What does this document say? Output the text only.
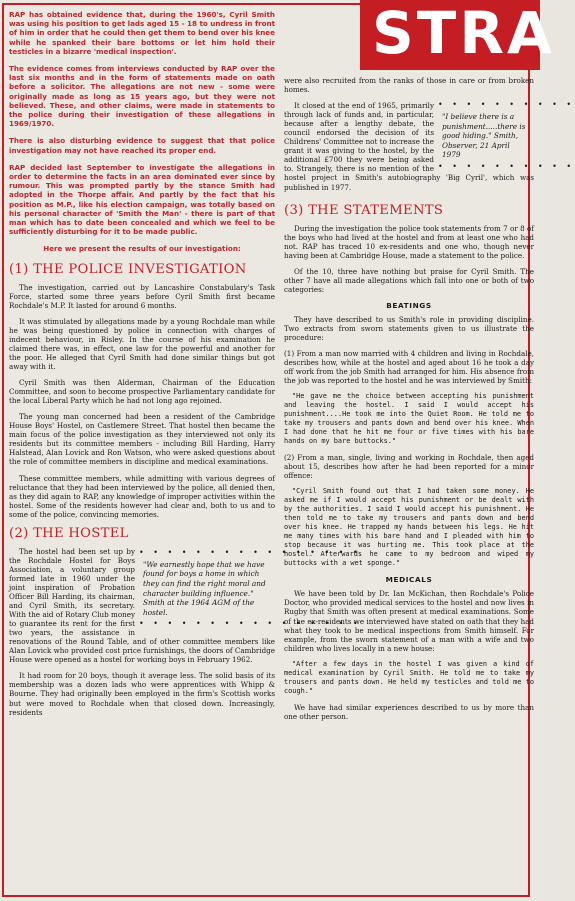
STRA

RAP has obtained evidence that, during the 1960's, Cyril Smith was using his position to get lads aged 15 - 18 to undress in front of him in order that he could then get them to bend over his knee while he spanked their bare bottoms or let him hold their testicles in a bizarre 'medical inspection'.

The evidence comes from interviews conducted by RAP over the last six months and in the form of statements made on oath before a solicitor. The allegations are not new - some were originally made as long as 15 years ago, but they were not believed. These, and other claims, were made in statements to the police during their investigation of these allegations in 1969/1970.

There is also disturbing evidence to suggest that that police investigation may not have reached its proper end.

RAP decided last September to investigate the allegations in order to determine the facts in an area dominated ever since by rumour. This was prompted partly by the stance Smith had adopted in the Thorpe affair. And partly by the fact that his position as M.P., like his election campaign, was totally based on his personal character of 'Smith the Man' - there is part of that man which has to date been concealed and which we feel to be sufficiently disturbing for it to be made public.

Here we present the results of our investigation:

(1) THE POLICE INVESTIGATION

The investigation, carried out by Lancashire Constabulary's Task Force, started some three years before Cyril Smith first became Rochdale's M.P. It lasted for around 6 months.

It was stimulated by allegations made by a young Rochdale man while he was being questioned by police in connection with charges of indecent behaviour, in Risley. In the course of his examination he claimed there was, in effect, one law for the powerful and another for the poor. He alleged that Cyril Smith had done similar things but got away with it.

Cyril Smith was then Alderman, Chairman of the Education Committee, and soon to become prospective Parliamentary candidate for the local Liberal Party which he had not long ago rejoined.

The young man concerned had been a resident of the Cambridge House Boys' Hostel, on Castlemere Street. That hostel then became the main focus of the police investigation as they interviewed not only its residents but its committee members - including Bill Harding, Harry Halstead, Alan Lovick and Ron Watson, who were asked questions about the role of committee members in discipline and medical examinations.

These committee members, while admitting with various degrees of reluctance that they had been interviewed by the police, all denied then, as they did again to RAP, any knowledge of improper activities within the hostel. Some of the residents however had clear and, both to us and to some of the police, convincing memories.

(2) THE HOSTEL
• • • • • • • • • • • • • • • •
"We earnestly hope that we have found for boys a home in which they can find the right moral and character building influence." Smith at the 1964 AGM of the hostel.
• • • • • • • • • • • • • • • •

The hostel had been set up by the Rochdale Hostel for Boys Association, a voluntary group formed late in 1960 under the joint inspiration of Probation Officer Bill Harding, its chairman, and Cyril Smith, its secretary. With the aid of Rotary Club money to guarantee its rent for the first two years, the assistance in renovations of the Round Table, and of other committee members like Alan Lovick who provided cost price furnishings, the doors of Cambridge House were opened as a hostel for working boys in February 1962.

It had room for 20 boys, though it average less. The solid basis of its membership was a dozen lads who were apprentices with Whipp & Bourne. They had originally been employed in the firm's Scottish works but were moved to Rochdale when that closed down. Increasingly, residents

were also recruited from the ranks of those in care or from broken homes.

• • • • • • • • • •
"I believe there is a punishment.....there is good hiding." Smith, Observer, 21 April 1979
• • • • • • • • • •

It closed at the end of 1965, primarily through lack of funds and, in particular, because after a lengthy debate, the council endorsed the decision of its Childrens' Committee not to increase the grant it was giving to the hostel, by the additional £700 they were being asked to. Strangely, there is no mention of the hostel project in Smith's autobiography 'Big Cyril', which was published in 1977.

(3) THE STATEMENTS

During the investigation the police took statements from 7 or 8 of the boys who had lived at the hostel and from at least one who had not. RAP has traced 10 ex-residents and one who, though never having been at Cambridge House, made a statement to the police.

Of the 10, three have nothing but praise for Cyril Smith. The other 7 have all made allegations which fall into one or both of two categories:

BEATINGS

They have described to us Smith's role in providing discipline. Two extracts from sworn statements given to us illustrate the procedure:

(1) From a man now married with 4 children and living in Rochdale, describes how, while at the hostel and aged about 16 he took a day off work from the job Smith had arranged for him. His absence from the job was reported to the hostel and he was interviewed by Smith:

"He gave me the choice between accepting his punishment and leaving the hostel. I said I would accept his punishment....He took me into the Quiet Room. He told me to take my trousers and pants down and bend over his knee. When I had done that he hit me four or five times with his bare hands on my bare buttocks."

(2) From a man, single, living and working in Rochdale, then aged about 15, describes how after he had been reported for a minor offence:

"Cyril Smith found out that I had taken some money. He asked me if I would accept his punishment or be dealt with by the authorities. I said I would accept his punishment. He then told me to take my trousers and pants down and bend over his knee. He trapped my hands between his legs. He hit me many times with his bare hand and I pleaded with him to stop because it was hurting me. This took place at the hostel. Afterwards he came to my bedroom and wiped my buttocks with a wet sponge."

MEDICALS

We have been told by Dr. Ian McKichan, then Rochdale's Police Doctor, who provided medical services to the hostel and now lives in Rugby that Smith was often present at medical examinations. Some of the ex-residents we interviewed have stated on oath that they had what they took to be medical inspections from Smith himself. For example, from the sworn statement of a man with a wife and two children who lives locally in a new house:

"After a few days in the hostel I was given a kind of medical examination by Cyril Smith. He told me to take my trousers and pants down. He held my testicles and told me to cough."

We have had similar experiences described to us by more than one other person.
